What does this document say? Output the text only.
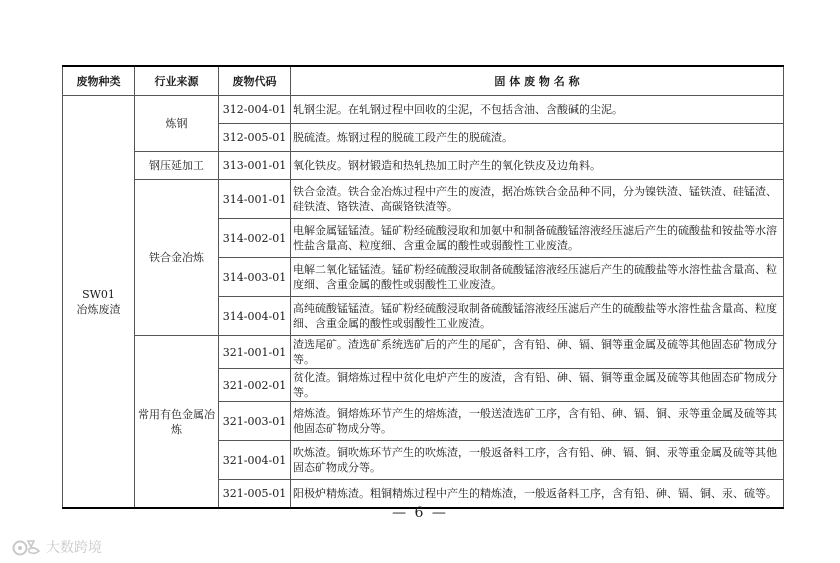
废物种类	行业来源	废物代码	固 体 废 物 名 称

SW01
冶炼废渣	炼钢	312-004-01	轧钢尘泥。在轧钢过程中回收的尘泥，不包括含油、含酸碱的尘泥。
		312-005-01	脱硫渣。炼钢过程的脱硫工段产生的脱硫渣。
	钢压延加工	313-001-01	氧化铁皮。钢材锻造和热轧热加工时产生的氧化铁皮及边角料。
	铁合金冶炼	314-001-01	铁合金渣。铁合金冶炼过程中产生的废渣，据冶炼铁合金品种不同，分为镍铁渣、锰铁渣、硅锰渣、硅铁渣、铬铁渣、高碳铬铁渣等。
		314-002-01	电解金属锰锰渣。锰矿粉经硫酸浸取和加氨中和制备硫酸锰溶液经压滤后产生的硫酸盐和铵盐等水溶性盐含量高、粒度细、含重金属的酸性或弱酸性工业废渣。
		314-003-01	电解二氧化锰锰渣。锰矿粉经硫酸浸取制备硫酸锰溶液经压滤后产生的硫酸盐等水溶性盐含量高、粒度细、含重金属的酸性或弱酸性工业废渣。
		314-004-01	高纯硫酸锰锰渣。锰矿粉经硫酸浸取制备硫酸锰溶液经压滤后产生的硫酸盐等水溶性盐含量高、粒度细、含重金属的酸性或弱酸性工业废渣。
	常用有色金属冶炼	321-001-01	渣选尾矿。渣选矿系统选矿后的产生的尾矿，含有铅、砷、镉、铜等重金属及硫等其他固态矿物成分等。
		321-002-01	贫化渣。铜熔炼过程中贫化电炉产生的废渣，含有铅、砷、镉、铜等重金属及硫等其他固态矿物成分等。
		321-003-01	熔炼渣。铜熔炼环节产生的熔炼渣，一般送渣选矿工序，含有铅、砷、镉、铜、汞等重金属及硫等其他固态矿物成分等。
		321-004-01	吹炼渣。铜吹炼环节产生的吹炼渣，一般返备料工序，含有铅、砷、镉、铜、汞等重金属及硫等其他固态矿物成分等。
		321-005-01	阳极炉精炼渣。粗铜精炼过程中产生的精炼渣，一般返备料工序，含有铅、砷、镉、铜、汞、硫等。
— 6 —
大数跨境
